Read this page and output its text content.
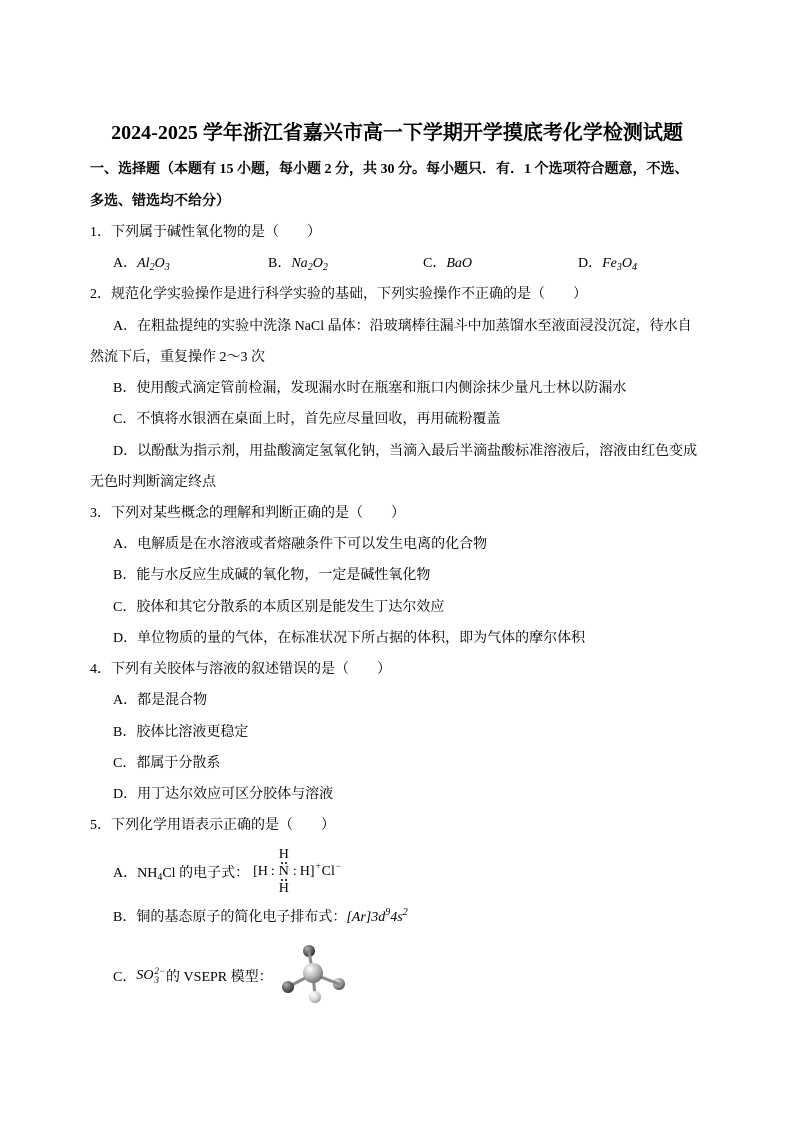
2024-2025 学年浙江省嘉兴市高一下学期开学摸底考化学检测试题
一、选择题（本题有 15 小题，每小题 2 分，共 30 分。每小题只．有．1 个选项符合题意，不选、
多选、错选均不给分）
1．下列属于碱性氧化物的是（　　）
A．$Al_2O_3$	B．$Na_2O_2$	C．BaO	D．$Fe_3O_4$
2．规范化学实验操作是进行科学实验的基础，下列实验操作不正确的是（　　）
A．在粗盐提纯的实验中洗涤 NaCl 晶体：沿玻璃棒往漏斗中加蒸馏水至液面浸没沉淀，待水自
然流下后，重复操作 2～3 次
B．使用酸式滴定管前检漏，发现漏水时在瓶塞和瓶口内侧涂抹少量凡士林以防漏水
C．不慎将水银洒在桌面上时，首先应尽量回收，再用硫粉覆盖
D．以酚酞为指示剂，用盐酸滴定氢氧化钠，当滴入最后半滴盐酸标准溶液后，溶液由红色变成
无色时判断滴定终点
3．下列对某些概念的理解和判断正确的是（　　）
A．电解质是在水溶液或者熔融条件下可以发生电离的化合物
B．能与水反应生成碱的氧化物，一定是碱性氧化物
C．胶体和其它分散系的本质区别是能发生丁达尔效应
D．单位物质的量的气体，在标准状况下所占据的体积，即为气体的摩尔体积
4．下列有关胶体与溶液的叙述错误的是（　　）
A．都是混合物
B．胶体比溶液更稳定
C．都属于分散系
D．用丁达尔效应可区分胶体与溶液
5．下列化学用语表示正确的是（　　）
A．$NH_4Cl$ 的电子式： [ H :
H
N
H
: H ] + Cl −
B．铜的基态原子的简化电子排布式：$[Ar]3d^94s^2$
C． SO 2−
3 的 VSEPR 模型：
